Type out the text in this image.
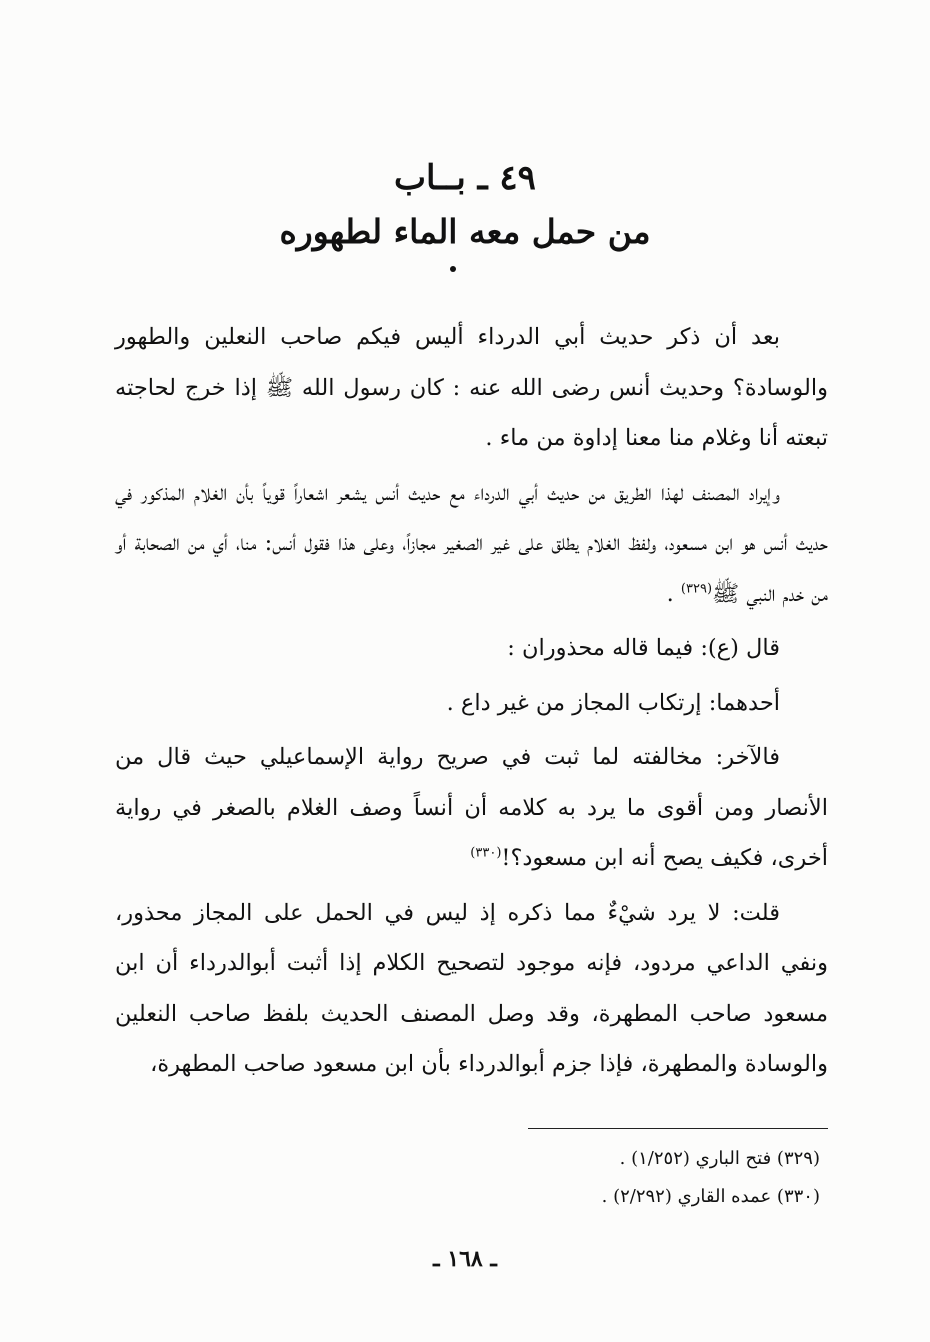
٤٩ ـ بــاب
من حمل معه الماء لطهوره

بعد أن ذكر حديث أبي الدرداء أليس فيكم صاحب النعلين والطهور والوسادة؟ وحديث أنس رضى الله عنه : كان رسول الله ﷺ إذا خرج لحاجته تبعته أنا وغلام منا معنا إداوة من ماء .

وإيراد المصنف لهذا الطريق من حديث أبي الدرداء مع حديث أنس يشعر اشعاراً قوياً بأن الغلام المذكور في حديث أنس هو ابن مسعود، ولفظ الغلام يطلق على غير الصغير مجازاً، وعلى هذا فقول أنس: منا، أي من الصحابة أو من خدم النبي ﷺ$^{(٣٢٩)}$ .

قال (ع): فيما قاله محذوران :

أحدهما: إرتكاب المجاز من غير داع .

فالآخر: مخالفته لما ثبت في صريح رواية الإسماعيلي حيث قال من الأنصار ومن أقوى ما يرد به كلامه أن أنساً وصف الغلام بالصغر في رواية أخرى، فكيف يصح أنه ابن مسعود؟!$^{(٣٣٠)}$

قلت: لا يرد شيْءٌ مما ذكره إذ ليس في الحمل على المجاز محذور، ونفي الداعي مردود، فإنه موجود لتصحيح الكلام إذا أثبت أبوالدرداء أن ابن مسعود صاحب المطهرة، وقد وصل المصنف الحديث بلفظ صاحب النعلين والوسادة والمطهرة، فإذا جزم أبوالدرداء بأن ابن مسعود صاحب المطهرة،

(٣٢٩) فتح الباري (١/٢٥٢) .

(٣٣٠) عمده القاري (٢/٢٩٢) .

ـ ١٦٨ ـ
